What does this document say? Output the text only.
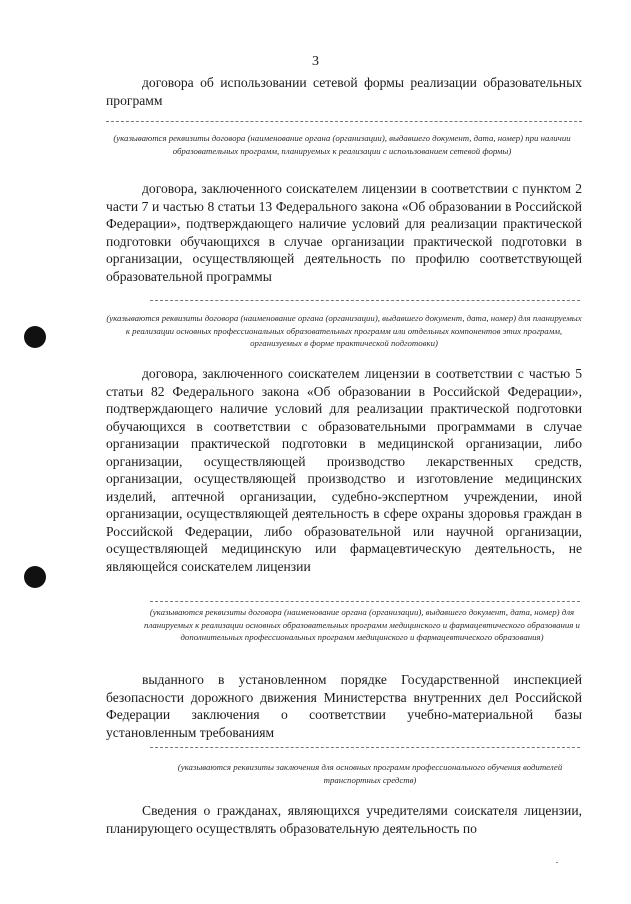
3

договора об использовании сетевой формы реализации образовательных программ

(указываются реквизиты договора (наименование органа (организации), выдавшего документ, дата, номер) при наличии образовательных программ, планируемых к реализации с использованием сетевой формы)

договора, заключенного соискателем лицензии в соответствии с пунктом 2 части 7 и частью 8 статьи 13 Федерального закона «Об образовании в Российской Федерации», подтверждающего наличие условий для реализации практической подготовки обучающихся в случае организации практической подготовки в организации, осуществляющей деятельность по профилю соответствующей образовательной программы

(указываются реквизиты договора (наименование органа (организации), выдавшего документ, дата, номер) для планируемых к реализации основных профессиональных образовательных программ или отдельных компонентов этих программ, организуемых в форме практической подготовки)

договора, заключенного соискателем лицензии в соответствии с частью 5 статьи 82 Федерального закона «Об образовании в Российской Федерации», подтверждающего наличие условий для реализации практической подготовки обучающихся в соответствии с образовательными программами в случае организации практической подготовки в медицинской организации, либо организации, осуществляющей производство лекарственных средств, организации, осуществляющей производство и изготовление медицинских изделий, аптечной организации, судебно-экспертном учреждении, иной организации, осуществляющей деятельность в сфере охраны здоровья граждан в Российской Федерации, либо образовательной или научной организации, осуществляющей медицинскую или фармацевтическую деятельность, не являющейся соискателем лицензии

(указываются реквизиты договора (наименование органа (организации), выдавшего документ, дата, номер) для планируемых к реализации основных образовательных программ медицинского и фармацевтического образования и дополнительных профессиональных программ медицинского и фармацевтического образования)

выданного в установленном порядке Государственной инспекцией безопасности дорожного движения Министерства внутренних дел Российской Федерации заключения о соответствии учебно-материальной базы установленным требованиям

(указываются реквизиты заключения для основных программ профессионального обучения водителей транспортных средств)

Сведения о гражданах, являющихся учредителями соискателя лицензии, планирующего осуществлять образовательную деятельность по
